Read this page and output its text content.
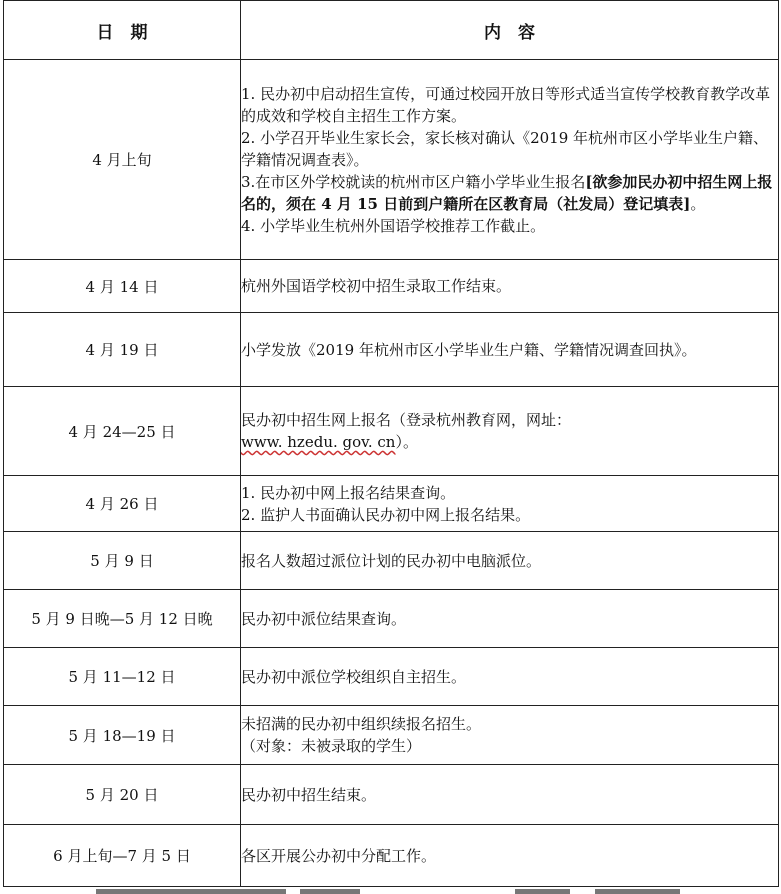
日　期	内　容
4 月上旬	1. 民办初中启动招生宣传，可通过校园开放日等形式适当宣传学校教育教学改革的成效和学校自主招生工作方案。
2. 小学召开毕业生家长会，家长核对确认《2019 年杭州市区小学毕业生户籍、学籍情况调查表》。
3.在市区外学校就读的杭州市区户籍小学毕业生报名[欲参加民办初中招生网上报名的，须在 4 月 15 日前到户籍所在区教育局（社发局）登记填表]。
4. 小学毕业生杭州外国语学校推荐工作截止。

4 月 14 日	杭州外国语学校初中招生录取工作结束。

4 月 19 日	小学发放《2019 年杭州市区小学毕业生户籍、学籍情况调查回执》。

4 月 24—25 日	民办初中招生网上报名（登录杭州教育网，网址：
www. hzedu. gov. cn）。

4 月 26 日	1. 民办初中网上报名结果查询。
2. 监护人书面确认民办初中网上报名结果。

5 月 9 日	报名人数超过派位计划的民办初中电脑派位。

5 月 9 日晚—5 月 12 日晚	民办初中派位结果查询。

5 月 11—12 日	民办初中派位学校组织自主招生。

5 月 18—19 日	未招满的民办初中组织续报名招生。
（对象：未被录取的学生）

5 月 20 日	民办初中招生结束。

6 月上旬—7 月 5 日	各区开展公办初中分配工作。
